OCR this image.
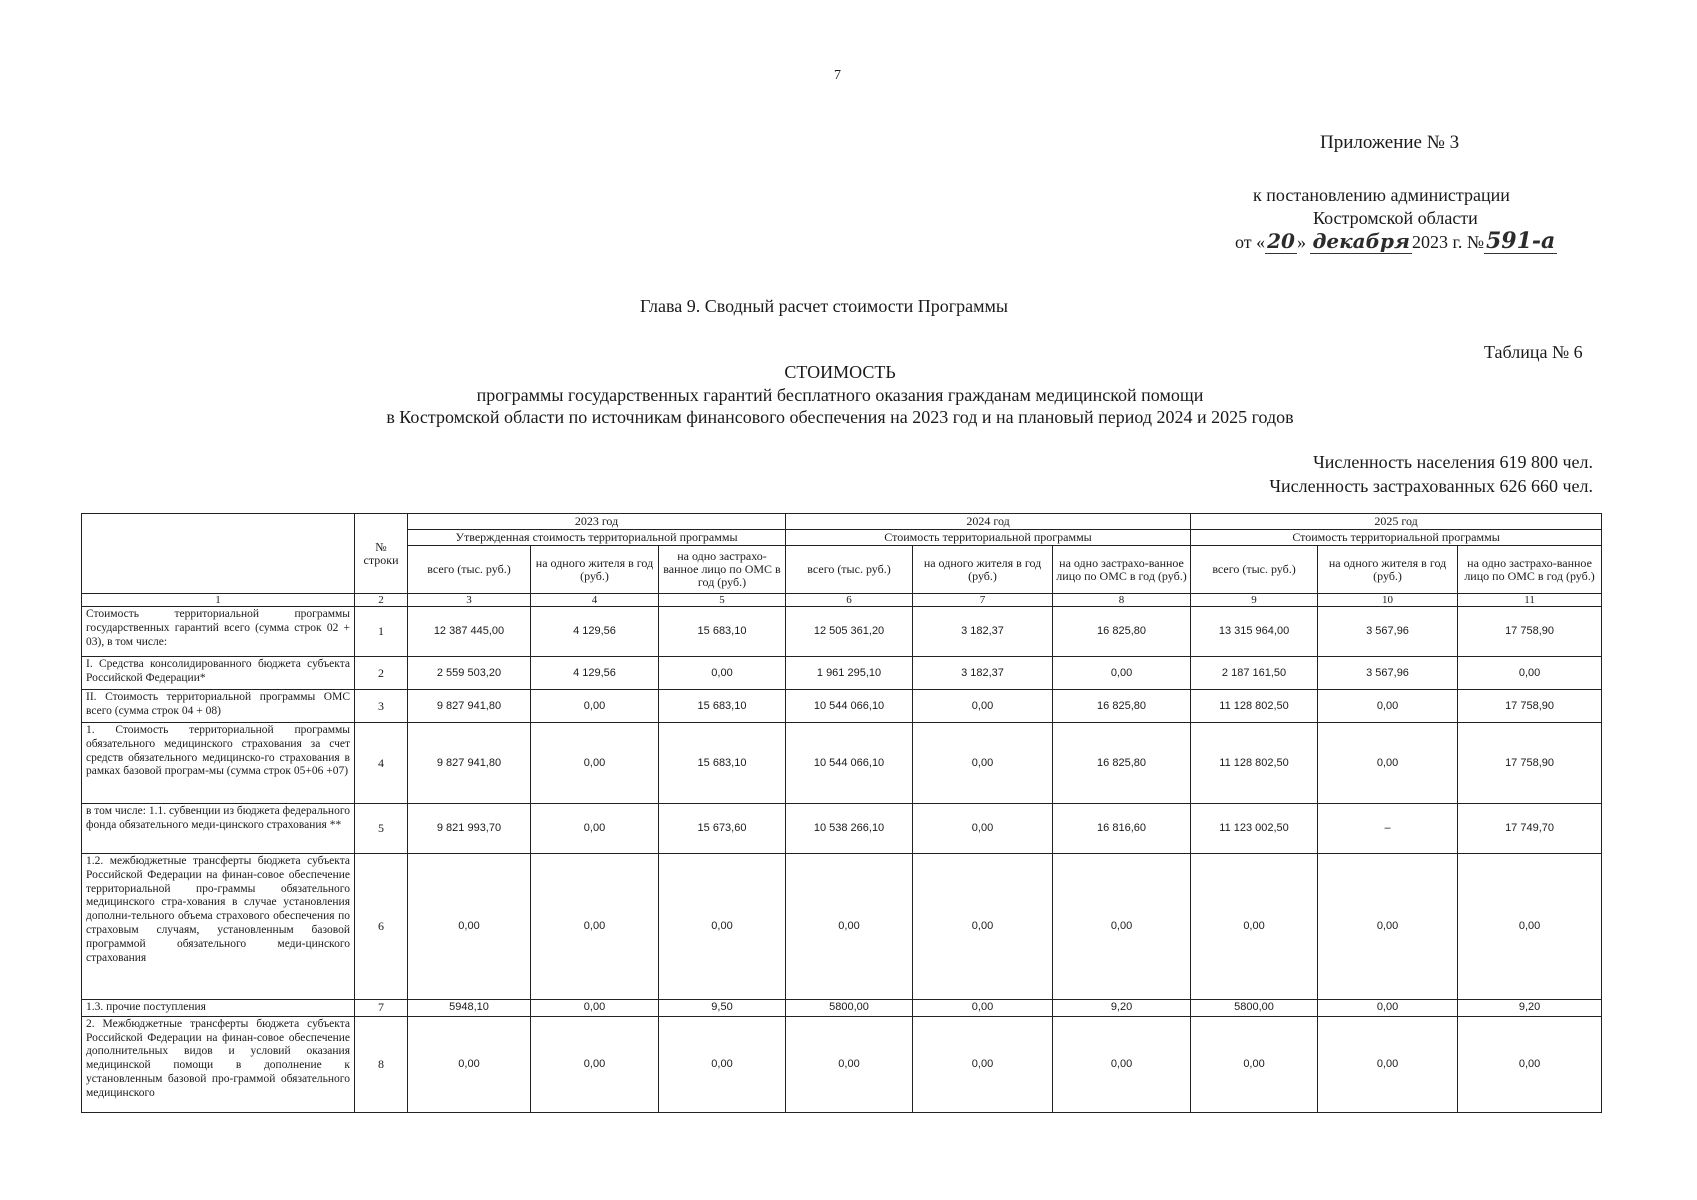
7
Приложение № 3
к постановлению администрации
Костромской области
от « 20 » декабря 2023 г. №591-а
Глава 9. Сводный расчет стоимости Программы
Таблица № 6
СТОИМОСТЬ
программы государственных гарантий бесплатного оказания гражданам медицинской помощи
в Костромской области по источникам финансового обеспечения на 2023 год и на плановый период 2024 и 2025 годов
Численность населения 619 800 чел.
Численность застрахованных 626 660 чел.
	№ строки	2023 год			2024 год			2025 год		
		Утвержденная стоимость территориальной программы			Стоимость территориальной программы			Стоимость территориальной программы		
		всего (тыс. руб.)	на одного жителя в год (руб.)	на одно застрахо-ванное лицо по ОМС в год (руб.)	всего (тыс. руб.)	на одного жителя в год (руб.)	на одно застрахо-ванное лицо по ОМС в год (руб.)	всего (тыс. руб.)	на одного жителя в год (руб.)	на одно застрахо-ванное лицо по ОМС в год (руб.)
1	2	3	4	5	6	7	8	9	10	11
Стоимость территориальной программы государственных гарантий всего (сумма строк 02 + 03), в том числе:	1	12 387 445,00	4 129,56	15 683,10	12 505 361,20	3 182,37	16 825,80	13 315 964,00	3 567,96	17 758,90
I. Средства консолидированного бюджета субъекта Российской Федерации*	2	2 559 503,20	4 129,56	0,00	1 961 295,10	3 182,37	0,00	2 187 161,50	3 567,96	0,00
II. Стоимость территориальной программы ОМС всего (сумма строк 04 + 08)	3	9 827 941,80	0,00	15 683,10	10 544 066,10	0,00	16 825,80	11 128 802,50	0,00	17 758,90
1. Стоимость территориальной программы обязательного медицинского страхования за счет средств обязательного медицинско-го страхования в рамках базовой програм-мы (сумма строк 05+06 +07)	4	9 827 941,80	0,00	15 683,10	10 544 066,10	0,00	16 825,80	11 128 802,50	0,00	17 758,90
в том числе: 1.1. субвенции из бюджета федерального фонда обязательного меди-цинского страхования **	5	9 821 993,70	0,00	15 673,60	10 538 266,10	0,00	16 816,60	11 123 002,50	–	17 749,70
1.2. межбюджетные трансферты бюджета субъекта Российской Федерации на финан-совое обеспечение территориальной про-граммы обязательного медицинского стра-хования в случае установления дополни-тельного объема страхового обеспечения по страховым случаям, установленным базовой программой обязательного меди-цинского страхования	6	0,00	0,00	0,00	0,00	0,00	0,00	0,00	0,00	0,00
1.3. прочие поступления	7	5948,10	0,00	9,50	5800,00	0,00	9,20	5800,00	0,00	9,20
2. Межбюджетные трансферты бюджета субъекта Российской Федерации на финан-совое обеспечение дополнительных видов и условий оказания медицинской помощи в дополнение к установленным базовой про-граммой обязательного медицинского	8	0,00	0,00	0,00	0,00	0,00	0,00	0,00	0,00	0,00
